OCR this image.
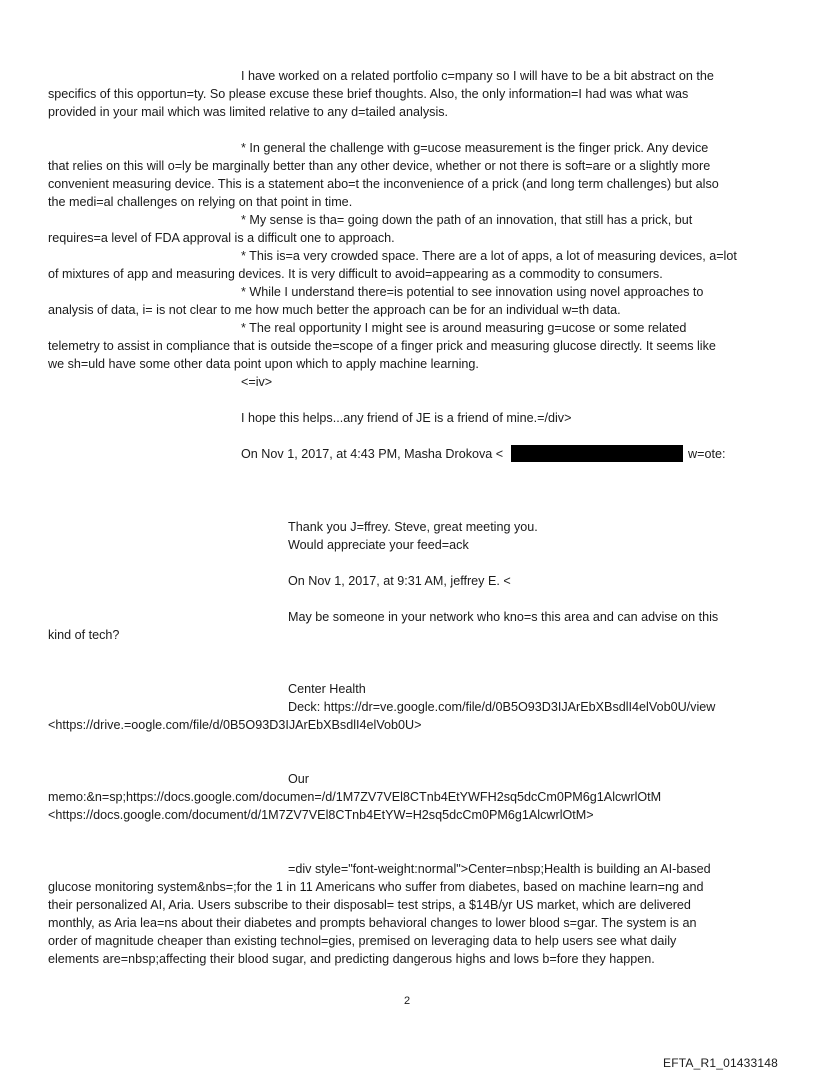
I have worked on a related portfolio c=mpany so I will have to be a bit abstract on the
specifics of this opportun=ty. So please excuse these brief thoughts. Also, the only information=I had was what was
provided in your mail which was limited relative to any d=tailed analysis.
* In general the challenge with g=ucose measurement is the finger prick. Any device
that relies on this will o=ly be marginally better than any other device, whether or not there is soft=are or a slightly more
convenient measuring device. This is a statement abo=t the inconvenience of a prick (and long term challenges) but also
the medi=al challenges on relying on that point in time.
* My sense is tha= going down the path of an innovation, that still has a prick, but
requires=a level of FDA approval is a difficult one to approach.
* This is=a very crowded space. There are a lot of apps, a lot of measuring devices, a=lot
of mixtures of app and measuring devices. It is very difficult to avoid=appearing as a commodity to consumers.
* While I understand there=is potential to see innovation using novel approaches to
analysis of data, i= is not clear to me how much better the approach can be for an individual w=th data.
* The real opportunity I might see is around measuring g=ucose or some related
telemetry to assist in compliance that is outside the=scope of a finger prick and measuring glucose directly. It seems like
we sh=uld have some other data point upon which to apply machine learning.
<=iv>
I hope this helps...any friend of JE is a friend of mine.=/div>
On Nov 1, 2017, at 4:43 PM, Masha Drokova <	w=ote:
Thank you J=ffrey. Steve, great meeting you.
Would appreciate your feed=ack
On Nov 1, 2017, at 9:31 AM, jeffrey E. <
May be someone in your network who kno=s this area and can advise on this
kind of tech?
Center Health
Deck: https://dr=ve.google.com/file/d/0B5O93D3IJArEbXBsdlI4elVob0U/view
<https://drive.=oogle.com/file/d/0B5O93D3IJArEbXBsdlI4elVob0U>
Our
memo:&n=sp;https://docs.google.com/documen=/d/1M7ZV7VEl8CTnb4EtYWFH2sq5dcCm0PM6g1AlcwrlOtM
<https://docs.google.com/document/d/1M7ZV7VEl8CTnb4EtYW=H2sq5dcCm0PM6g1AlcwrlOtM>
=div style="font-weight:normal">Center=nbsp;Health is building an AI-based
glucose monitoring system&nbs=;for the 1 in 11 Americans who suffer from diabetes, based on machine learn=ng and
their personalized AI, Aria. Users subscribe to their disposabl= test strips, a $14B/yr US market, which are delivered
monthly, as Aria lea=ns about their diabetes and prompts behavioral changes to lower blood s=gar. The system is an
order of magnitude cheaper than existing technol=gies, premised on leveraging data to help users see what daily
elements are=nbsp;affecting their blood sugar, and predicting dangerous highs and lows b=fore they happen.
2
EFTA_R1_01433148
